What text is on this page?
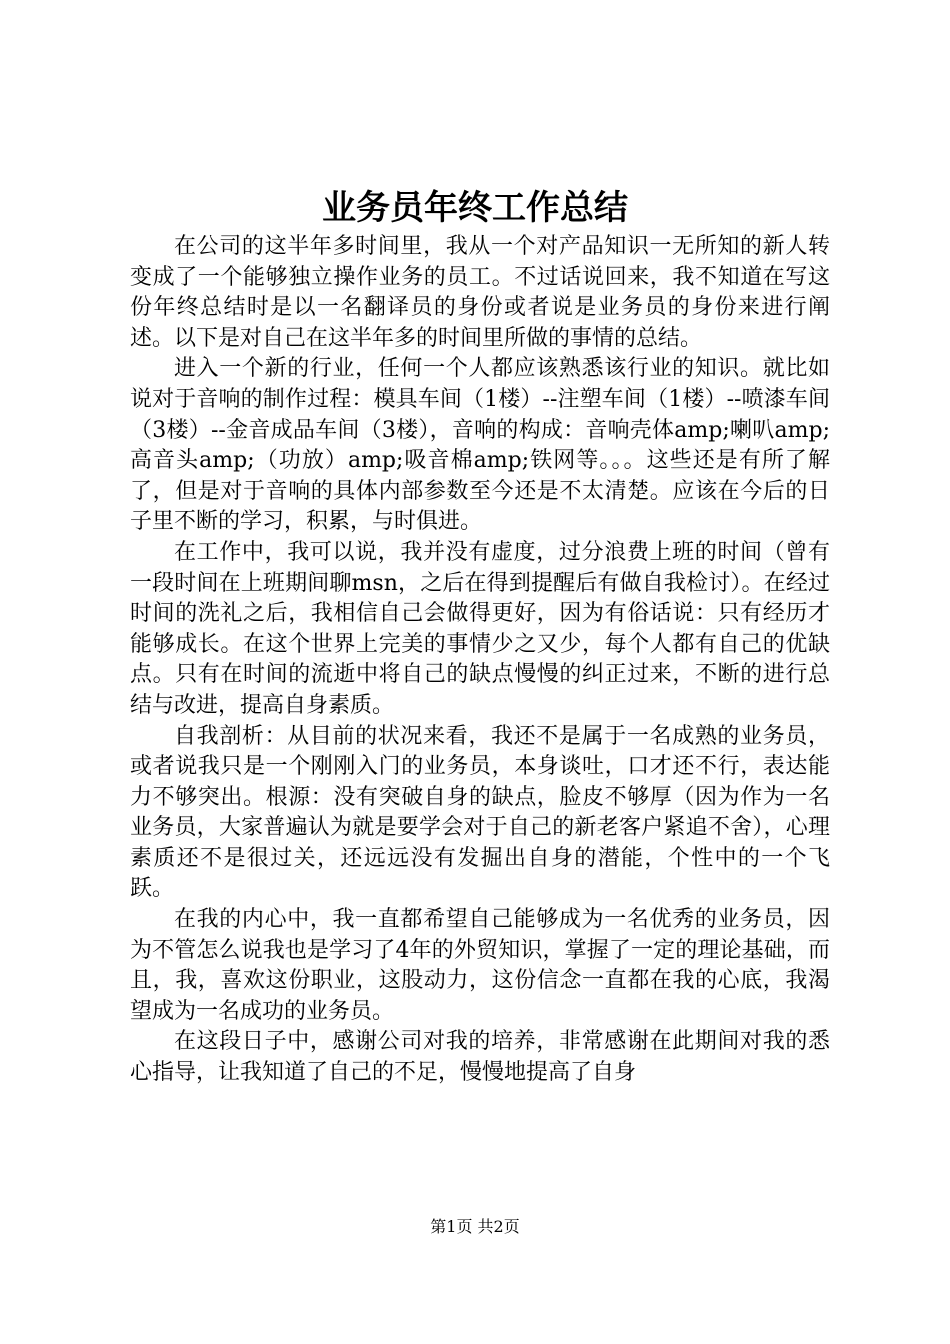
业务员年终工作总结

在公司的这半年多时间里，我从一个对产品知识一无所知的新人转变成了一个能够独立操作业务的员工。不过话说回来，我不知道在写这份年终总结时是以一名翻译员的身份或者说是业务员的身份来进行阐述。以下是对自己在这半年多的时间里所做的事情的总结。

进入一个新的行业，任何一个人都应该熟悉该行业的知识。就比如说对于音响的制作过程：模具车间（1楼）--注塑车间（1楼）--喷漆车间（3楼）--金音成品车间（3楼），音响的构成：音响壳体amp;喇叭amp;高音头amp;（功放）amp;吸音棉amp;铁网等。。。这些还是有所了解了，但是对于音响的具体内部参数至今还是不太清楚。应该在今后的日子里不断的学习，积累，与时俱进。

在工作中，我可以说，我并没有虚度，过分浪费上班的时间（曾有一段时间在上班期间聊msn，之后在得到提醒后有做自我检讨）。在经过时间的洗礼之后，我相信自己会做得更好，因为有俗话说：只有经历才能够成长。在这个世界上完美的事情少之又少，每个人都有自己的优缺点。只有在时间的流逝中将自己的缺点慢慢的纠正过来，不断的进行总结与改进，提高自身素质。

自我剖析：从目前的状况来看，我还不是属于一名成熟的业务员，或者说我只是一个刚刚入门的业务员，本身谈吐，口才还不行，表达能力不够突出。根源：没有突破自身的缺点，脸皮不够厚（因为作为一名业务员，大家普遍认为就是要学会对于自己的新老客户紧追不舍），心理素质还不是很过关，还远远没有发掘出自身的潜能，个性中的一个飞跃。

在我的内心中，我一直都希望自己能够成为一名优秀的业务员，因为不管怎么说我也是学习了4年的外贸知识，掌握了一定的理论基础，而且，我，喜欢这份职业，这股动力，这份信念一直都在我的心底，我渴望成为一名成功的业务员。

在这段日子中，感谢公司对我的培养，非常感谢在此期间对我的悉心指导，让我知道了自己的不足，慢慢地提高了自身

第1页 共2页
